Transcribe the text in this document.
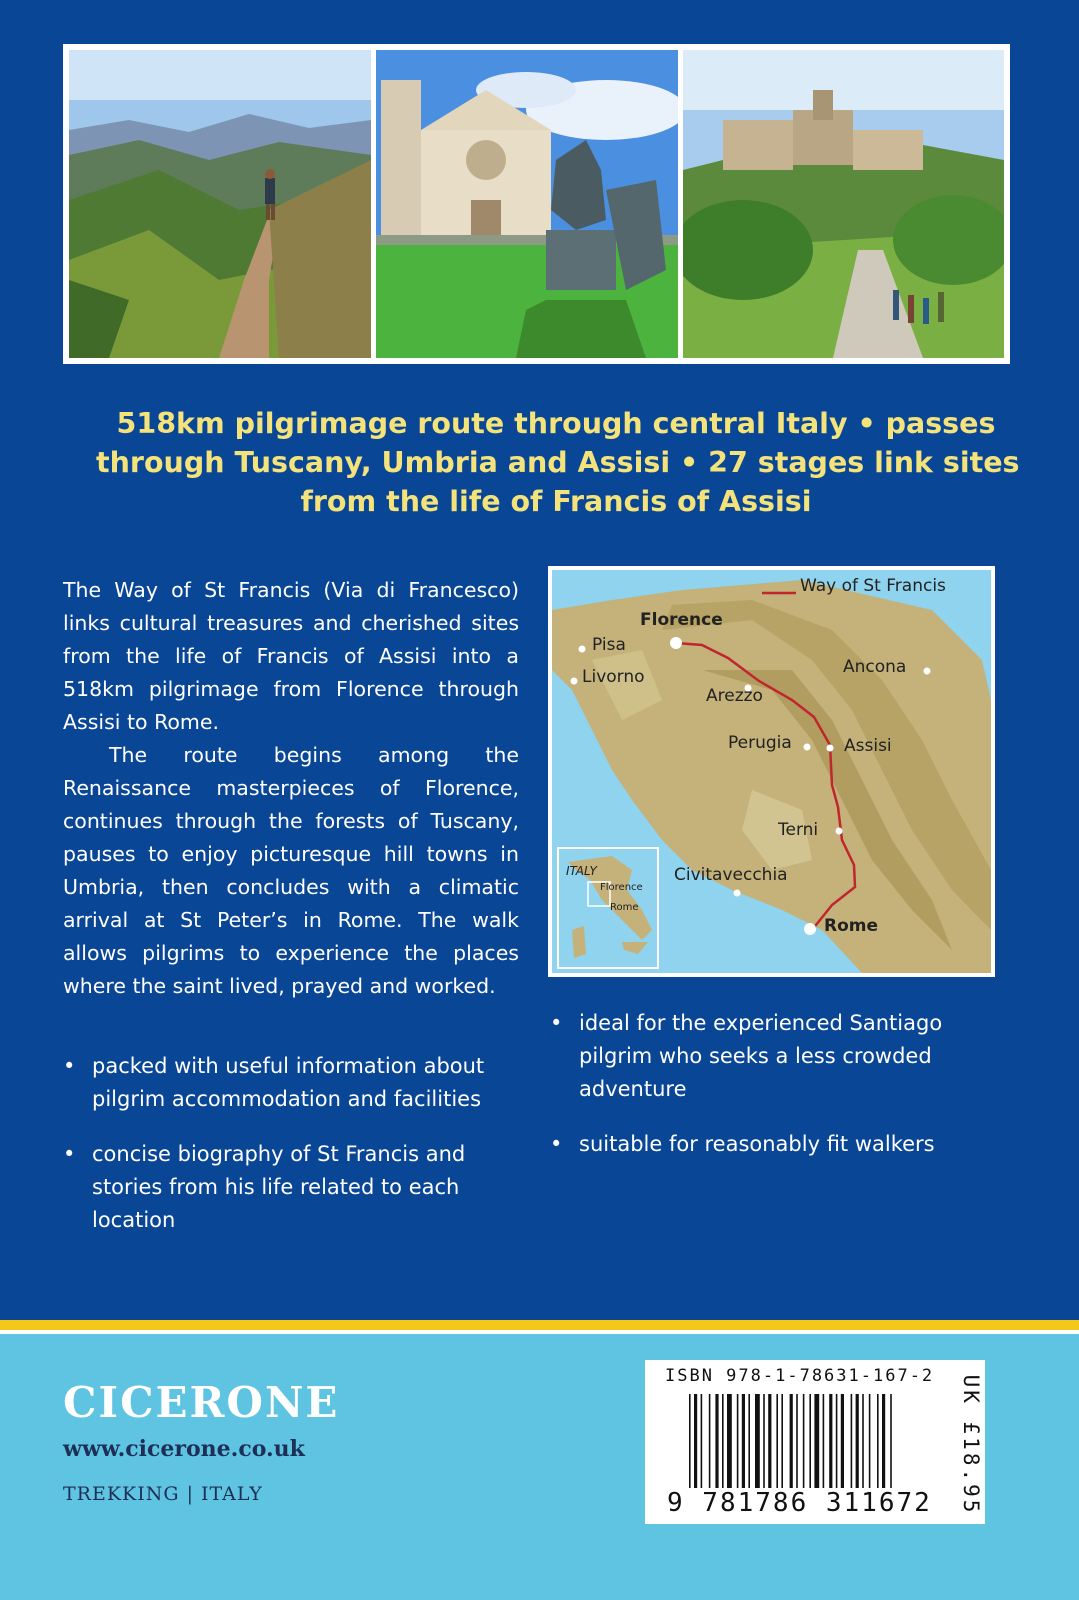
518km pilgrimage route through central Italy • passes
through Tuscany, Umbria and Assisi • 27 stages link sites
from the life of Francis of Assisi

The Way of St Francis (Via di Francesco) links cultural treasures and cherished sites from the life of Francis of Assisi into a 518km pilgrimage from Florence through Assisi to Rome.

The route begins among the Renaissance masterpieces of Florence, continues through the forests of Tuscany, pauses to enjoy picturesque hill towns in Umbria, then concludes with a climatic arrival at St Peter’s in Rome. The walk allows pilgrims to experience the places where the saint lived, prayed and worked.

• packed with useful information about pilgrim accommodation and facilities
• concise biography of St Francis and stories from his life related to each location
• ideal for the experienced Santiago pilgrim who seeks a less crowded adventure
• suitable for reasonably fit walkers
Way of St Francis
Florence
Pisa
Livorno
Arezzo
Ancona
Perugia	Assisi
Terni
Civitavecchia
Rome
ITALY
Florence
Rome
CICERONE
www.cicerone.co.uk
TREKKING | ITALY
ISBN 978-1-78631-167-2
9 781786 311672 UK £18.95
